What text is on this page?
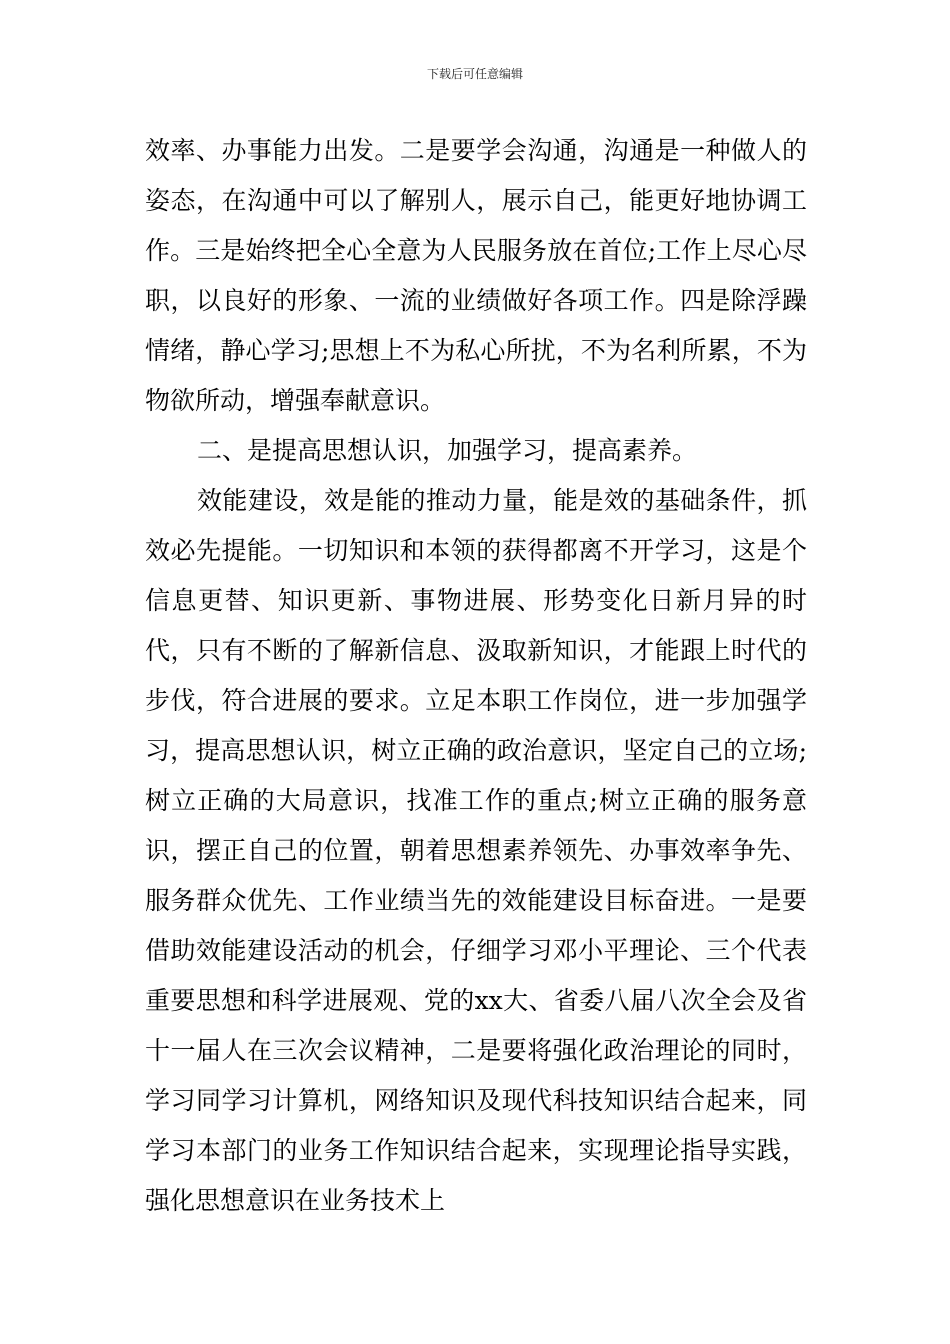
下载后可任意编辑

效率、办事能力出发。二是要学会沟通，沟通是一种做人的姿态，在沟通中可以了解别人，展示自己，能更好地协调工作。三是始终把全心全意为人民服务放在首位;工作上尽心尽职，以良好的形象、一流的业绩做好各项工作。四是除浮躁情绪，静心学习;思想上不为私心所扰，不为名利所累，不为物欲所动，增强奉献意识。

二、是提高思想认识，加强学习，提高素养。

效能建设，效是能的推动力量，能是效的基础条件，抓效必先提能。一切知识和本领的获得都离不开学习，这是个信息更替、知识更新、事物进展、形势变化日新月异的时代，只有不断的了解新信息、汲取新知识，才能跟上时代的步伐，符合进展的要求。立足本职工作岗位，进一步加强学习，提高思想认识，树立正确的政治意识，坚定自己的立场;树立正确的大局意识，找准工作的重点;树立正确的服务意识，摆正自己的位置，朝着思想素养领先、办事效率争先、服务群众优先、工作业绩当先的效能建设目标奋进。一是要借助效能建设活动的机会，仔细学习邓小平理论、三个代表重要思想和科学进展观、党的xx大、省委八届八次全会及省十一届人在三次会议精神，二是要将强化政治理论的同时，学习同学习计算机，网络知识及现代科技知识结合起来，同学习本部门的业务工作知识结合起来，实现理论指导实践，强化思想意识在业务技术上
